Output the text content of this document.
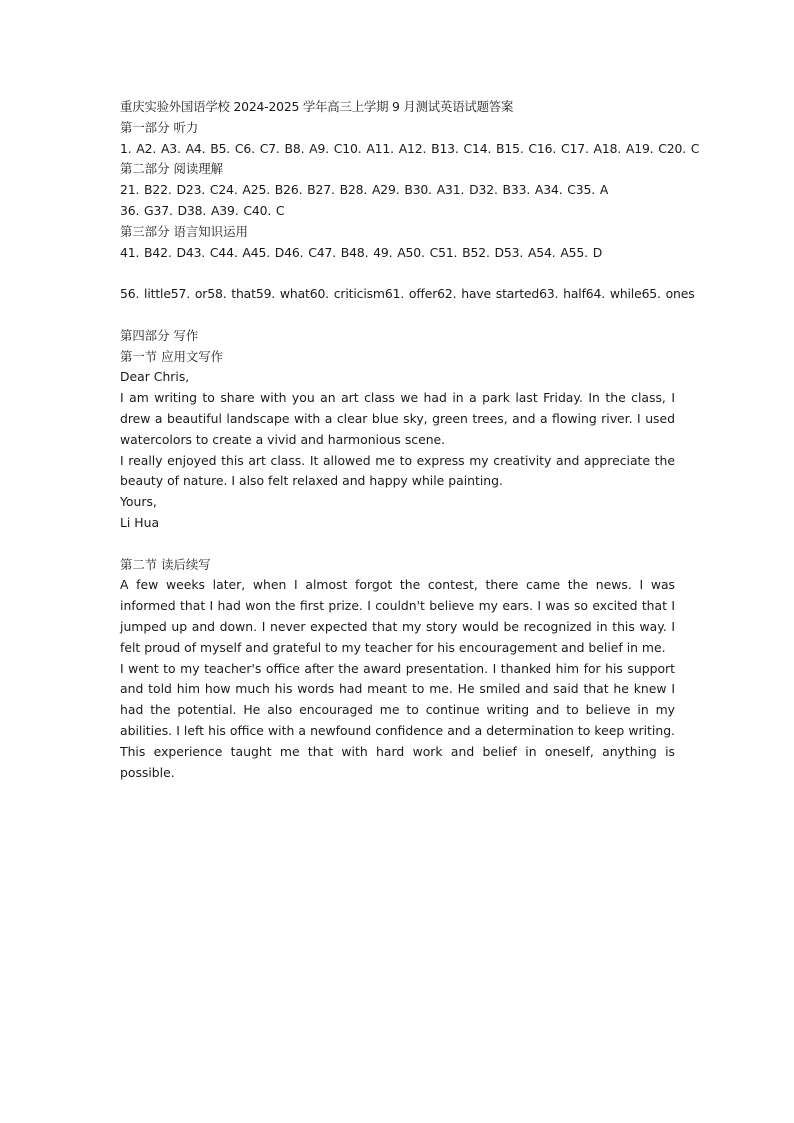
重庆实验外国语学校 2024-2025 学年高三上学期 9 月测试英语试题答案

第一部分 听力

1. A2. A3. A4. B5. C6. C7. B8. A9. C10. A11. A12. B13. C14. B15. C16. C17. A18. A19. C20. C

第二部分 阅读理解

21. B22. D23. C24. A25. B26. B27. B28. A29. B30. A31. D32. B33. A34. C35. A

36. G37. D38. A39. C40. C

第三部分 语言知识运用

41. B42. D43. C44. A45. D46. C47. B48. 49. A50. C51. B52. D53. A54. A55. D

56. little57. or58. that59. what60. criticism61. offer62. have started63. half64. while65. ones

第四部分 写作

第一节 应用文写作

Dear Chris,

I am writing to share with you an art class we had in a park last Friday. In the class, I drew a beautiful landscape with a clear blue sky, green trees, and a flowing river. I used watercolors to create a vivid and harmonious scene.

I really enjoyed this art class. It allowed me to express my creativity and appreciate the beauty of nature. I also felt relaxed and happy while painting.

Yours,

Li Hua

第二节 读后续写

A few weeks later, when I almost forgot the contest, there came the news. I was informed that I had won the first prize. I couldn't believe my ears. I was so excited that I jumped up and down. I never expected that my story would be recognized in this way. I felt proud of myself and grateful to my teacher for his encouragement and belief in me.

I went to my teacher's office after the award presentation. I thanked him for his support and told him how much his words had meant to me. He smiled and said that he knew I had the potential. He also encouraged me to continue writing and to believe in my abilities. I left his office with a newfound confidence and a determination to keep writing. This experience taught me that with hard work and belief in oneself, anything is possible.
